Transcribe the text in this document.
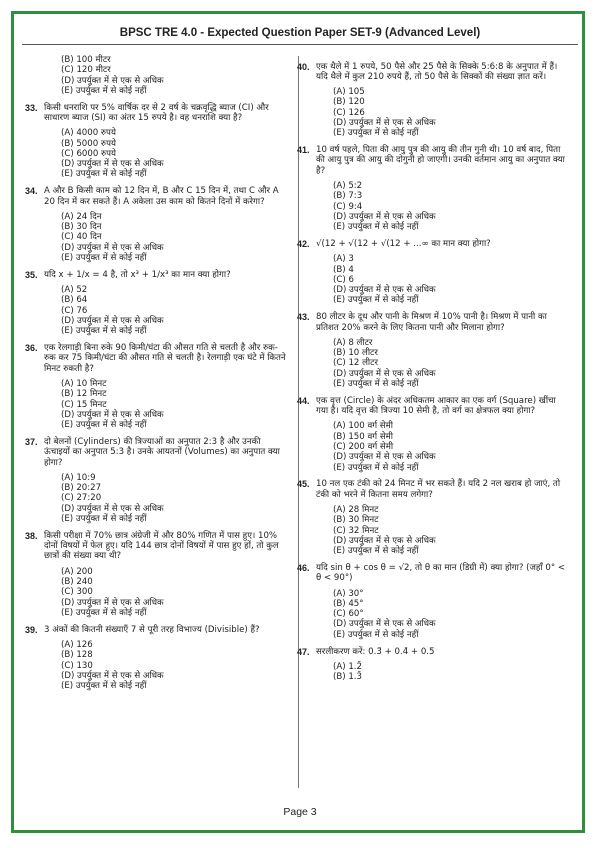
BPSC TRE 4.0 - Expected Question Paper SET-9 (Advanced Level)
(B) 100 मीटर
(C) 120 मीटर
(D) उपर्युक्त में से एक से अधिक
(E) उपर्युक्त में से कोई नहीं
33. किसी धनराशि पर 5% वार्षिक दर से 2 वर्ष के चक्रवृद्धि ब्याज (CI) और साधारण ब्याज (SI) का अंतर 15 रुपये है। वह धनराशि क्या है?
(A) 4000 रुपये
(B) 5000 रुपये
(C) 6000 रुपये
(D) उपर्युक्त में से एक से अधिक
(E) उपर्युक्त में से कोई नहीं
34. A और B किसी काम को 12 दिन में, B और C 15 दिन में, तथा C और A 20 दिन में कर सकते हैं। A अकेला उस काम को कितने दिनों में करेगा?
(A) 24 दिन
(B) 30 दिन
(C) 40 दिन
(D) उपर्युक्त में से एक से अधिक
(E) उपर्युक्त में से कोई नहीं
35. यदि x + 1/x = 4 है, तो x³ + 1/x³ का मान क्या होगा?
(A) 52
(B) 64
(C) 76
(D) उपर्युक्त में से एक से अधिक
(E) उपर्युक्त में से कोई नहीं
36. एक रेलगाड़ी बिना रुके 90 किमी/घंटा की औसत गति से चलती है और रुक-रुक कर 75 किमी/घंटा की औसत गति से चलती है। रेलगाड़ी एक घंटे में कितने मिनट रुकती है?
(A) 10 मिनट
(B) 12 मिनट
(C) 15 मिनट
(D) उपर्युक्त में से एक से अधिक
(E) उपर्युक्त में से कोई नहीं
37. दो बेलनों (Cylinders) की त्रिज्याओं का अनुपात 2:3 है और उनकी ऊंचाइयों का अनुपात 5:3 है। उनके आयतनों (Volumes) का अनुपात क्या होगा?
(A) 10:9
(B) 20:27
(C) 27:20
(D) उपर्युक्त में से एक से अधिक
(E) उपर्युक्त में से कोई नहीं
38. किसी परीक्षा में 70% छात्र अंग्रेजी में और 80% गणित में पास हुए। 10% दोनों विषयों में फेल हुए। यदि 144 छात्र दोनों विषयों में पास हुए हों, तो कुल छात्रों की संख्या क्या थी?
(A) 200
(B) 240
(C) 300
(D) उपर्युक्त में से एक से अधिक
(E) उपर्युक्त में से कोई नहीं
39. 3 अंकों की कितनी संख्याएँ 7 से पूरी तरह विभाज्य (Divisible) हैं?
(A) 126
(B) 128
(C) 130
(D) उपर्युक्त में से एक से अधिक
(E) उपर्युक्त में से कोई नहीं
40. एक थैले में 1 रुपये, 50 पैसे और 25 पैसे के सिक्के 5:6:8 के अनुपात में हैं। यदि थैले में कुल 210 रुपये हैं, तो 50 पैसे के सिक्कों की संख्या ज्ञात करें।
(A) 105
(B) 120
(C) 126
(D) उपर्युक्त में से एक से अधिक
(E) उपर्युक्त में से कोई नहीं
41. 10 वर्ष पहले, पिता की आयु पुत्र की आयु की तीन गुनी थी। 10 वर्ष बाद, पिता की आयु पुत्र की आयु की दोगुनी हो जाएगी। उनकी वर्तमान आयु का अनुपात क्या है?
(A) 5:2
(B) 7:3
(C) 9:4
(D) उपर्युक्त में से एक से अधिक
(E) उपर्युक्त में से कोई नहीं
42. √(12 + √(12 + √(12 + ...∞ का मान क्या होगा?
(A) 3
(B) 4
(C) 6
(D) उपर्युक्त में से एक से अधिक
(E) उपर्युक्त में से कोई नहीं
43. 80 लीटर के दूध और पानी के मिश्रण में 10% पानी है। मिश्रण में पानी का प्रतिशत 20% करने के लिए कितना पानी और मिलाना होगा?
(A) 8 लीटर
(B) 10 लीटर
(C) 12 लीटर
(D) उपर्युक्त में से एक से अधिक
(E) उपर्युक्त में से कोई नहीं
44. एक वृत्त (Circle) के अंदर अधिकतम आकार का एक वर्ग (Square) खींचा गया है। यदि वृत्त की त्रिज्या 10 सेमी है, तो वर्ग का क्षेत्रफल क्या होगा?
(A) 100 वर्ग सेमी
(B) 150 वर्ग सेमी
(C) 200 वर्ग सेमी
(D) उपर्युक्त में से एक से अधिक
(E) उपर्युक्त में से कोई नहीं
45. 10 नल एक टंकी को 24 मिनट में भर सकते हैं। यदि 2 नल खराब हो जाएं, तो टंकी को भरने में कितना समय लगेगा?
(A) 28 मिनट
(B) 30 मिनट
(C) 32 मिनट
(D) उपर्युक्त में से एक से अधिक
(E) उपर्युक्त में से कोई नहीं
46. यदि sin θ + cos θ = √2, तो θ का मान (डिग्री में) क्या होगा? (जहाँ 0° < θ < 90°)
(A) 30°
(B) 45°
(C) 60°
(D) उपर्युक्त में से एक से अधिक
(E) उपर्युक्त में से कोई नहीं
47. सरलीकरण करें: 0.3̄ + 0.4̄ + 0.5̄
(A) 1.2̄
(B) 1.3̄
Page 3
